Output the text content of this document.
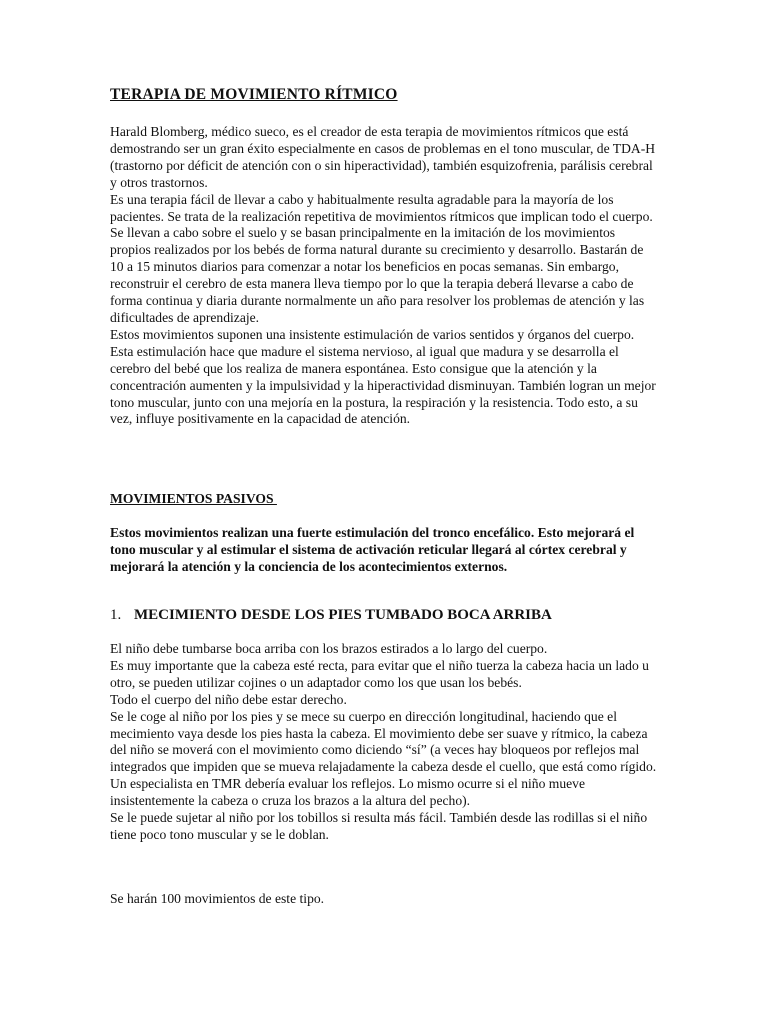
TERAPIA DE MOVIMIENTO RÍTMICO

Harald Blomberg, médico sueco, es el creador de esta terapia de movimientos rítmicos que está demostrando ser un gran éxito especialmente en casos de problemas en el tono muscular, de TDA-H (trastorno por déficit de atención con o sin hiperactividad), también esquizofrenia, parálisis cerebral y otros trastornos.

Es una terapia fácil de llevar a cabo y habitualmente resulta agradable para la mayoría de los pacientes. Se trata de la realización repetitiva de movimientos rítmicos que implican todo el cuerpo. Se llevan a cabo sobre el suelo y se basan principalmente en la imitación de los movimientos propios realizados por los bebés de forma natural durante su crecimiento y desarrollo. Bastarán de 10 a 15 minutos diarios para comenzar a notar los beneficios en pocas semanas. Sin embargo, reconstruir el cerebro de esta manera lleva tiempo por lo que la terapia deberá llevarse a cabo de forma continua y diaria durante normalmente un año para resolver los problemas de atención y las dificultades de aprendizaje.

Estos movimientos suponen una insistente estimulación de varios sentidos y órganos del cuerpo. Esta estimulación hace que madure el sistema nervioso, al igual que madura y se desarrolla el cerebro del bebé que los realiza de manera espontánea. Esto consigue que la atención y la concentración aumenten y la impulsividad y la hiperactividad disminuyan. También logran un mejor tono muscular, junto con una mejoría en la postura, la respiración y la resistencia. Todo esto, a su vez, influye positivamente en la capacidad de atención.

MOVIMIENTOS PASIVOS

Estos movimientos realizan una fuerte estimulación del tronco encefálico. Esto mejorará el tono muscular y al estimular el sistema de activación reticular llegará al córtex cerebral y mejorará la atención y la conciencia de los acontecimientos externos.

1. MECIMIENTO DESDE LOS PIES TUMBADO BOCA ARRIBA

El niño debe tumbarse boca arriba con los brazos estirados a lo largo del cuerpo.

Es muy importante que la cabeza esté recta, para evitar que el niño tuerza la cabeza hacia un lado u otro, se pueden utilizar cojines o un adaptador como los que usan los bebés.

Todo el cuerpo del niño debe estar derecho.

Se le coge al niño por los pies y se mece su cuerpo en dirección longitudinal, haciendo que el mecimiento vaya desde los pies hasta la cabeza. El movimiento debe ser suave y rítmico, la cabeza del niño se moverá con el movimiento como diciendo “sí” (a veces hay bloqueos por reflejos mal integrados que impiden que se mueva relajadamente la cabeza desde el cuello, que está como rígido. Un especialista en TMR debería evaluar los reflejos. Lo mismo ocurre si el niño mueve insistentemente la cabeza o cruza los brazos a la altura del pecho).

Se le puede sujetar al niño por los tobillos si resulta más fácil. También desde las rodillas si el niño tiene poco tono muscular y se le doblan.

Se harán 100 movimientos de este tipo.
